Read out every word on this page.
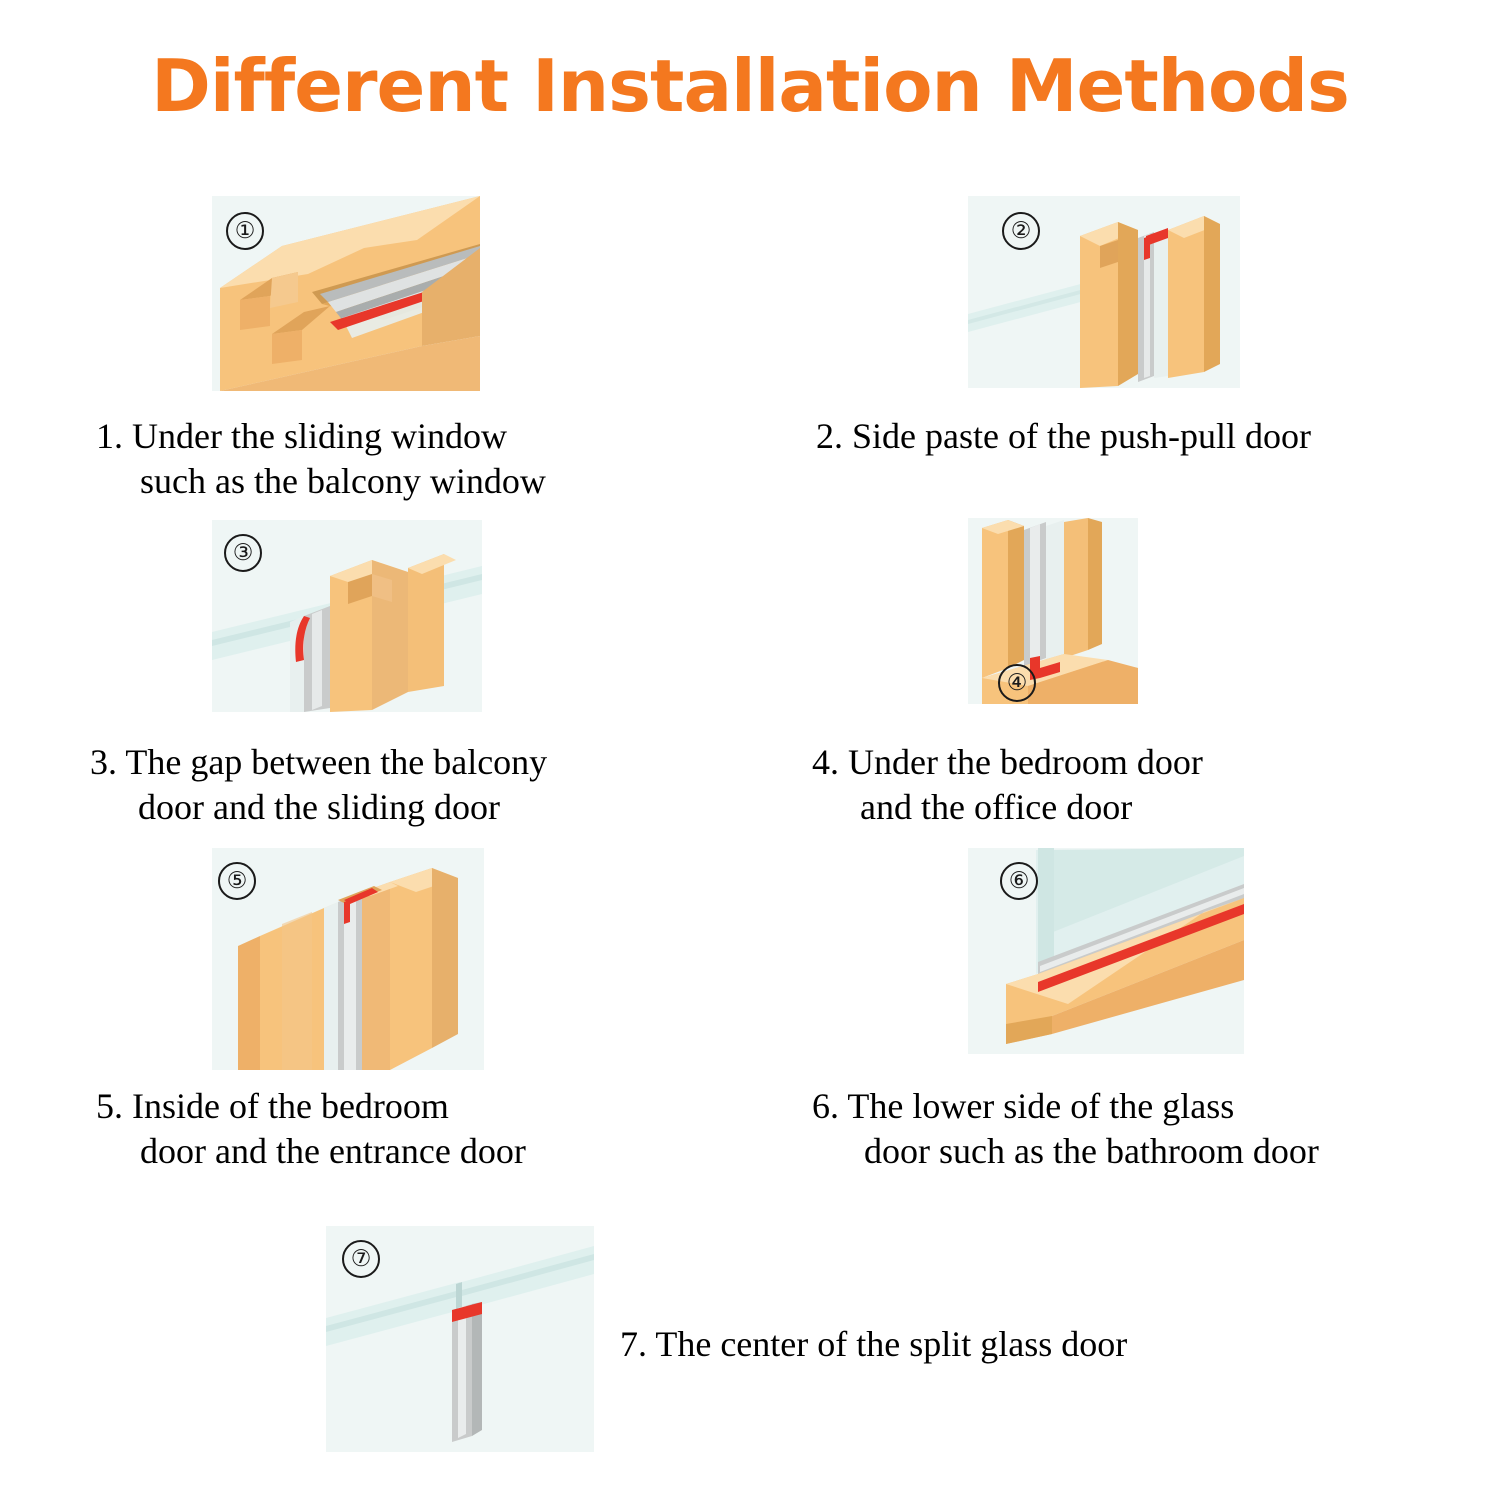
Different Installation Methods
①
1. Under the sliding window
such as the balcony window
②
2. Side paste of the push-pull door
③
3. The gap between the balcony
door and the sliding door
④
4. Under the bedroom door
and the office door
⑤
5. Inside of the bedroom
door and the entrance door
⑥
6. The lower side of the glass
door such as the bathroom door
⑦
7. The center of the split glass door
